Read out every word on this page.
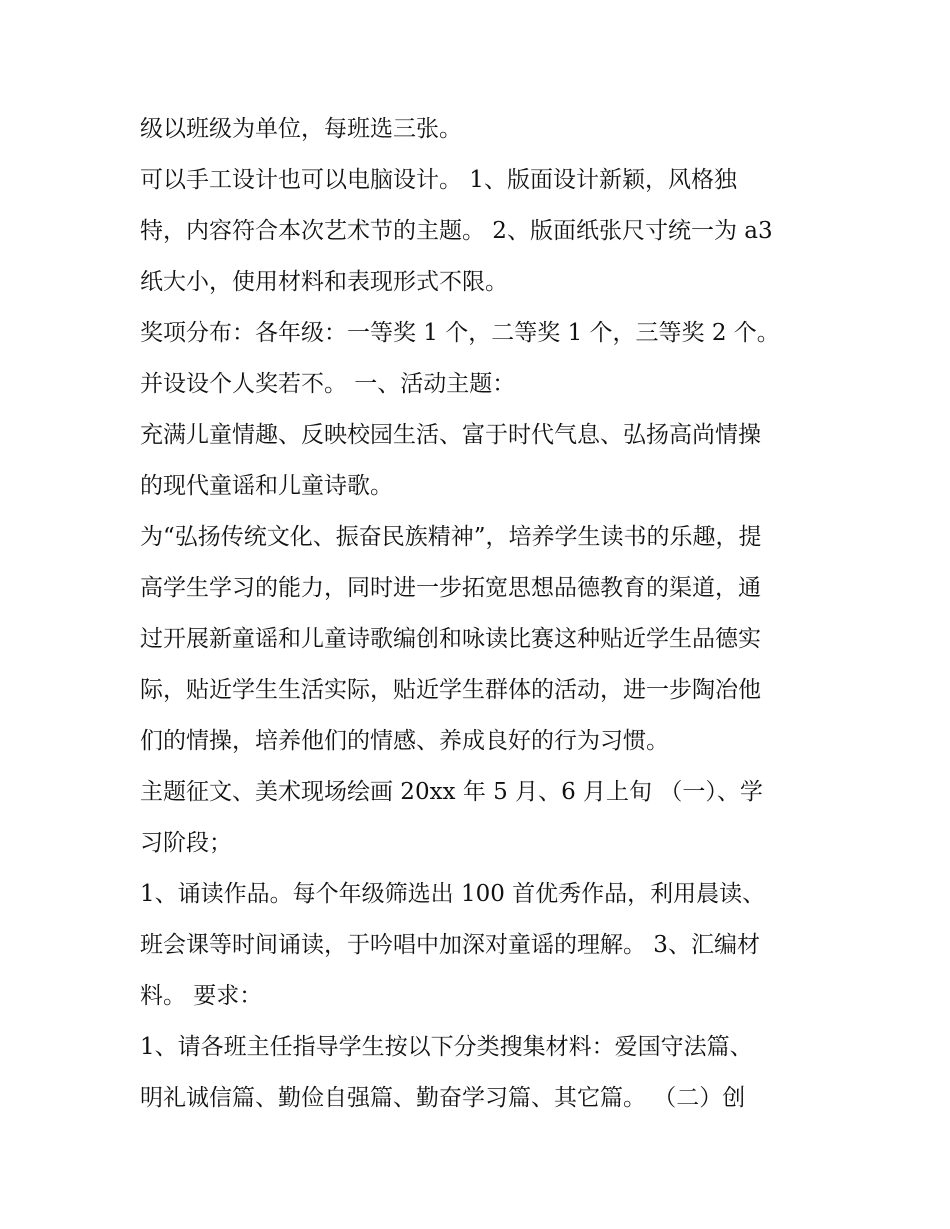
级以班级为单位，每班选三张。
可以手工设计也可以电脑设计。 1、版面设计新颖，风格独
特，内容符合本次艺术节的主题。 2、版面纸张尺寸统一为 a3
纸大小，使用材料和表现形式不限。
奖项分布：各年级：一等奖 1 个，二等奖 1 个，三等奖 2 个。
并设设个人奖若不。 一、活动主题：
充满儿童情趣、反映校园生活、富于时代气息、弘扬高尚情操
的现代童谣和儿童诗歌。
为“弘扬传统文化、振奋民族精神”，培养学生读书的乐趣，提
高学生学习的能力，同时进一步拓宽思想品德教育的渠道，通
过开展新童谣和儿童诗歌编创和咏读比赛这种贴近学生品德实
际，贴近学生生活实际，贴近学生群体的活动，进一步陶冶他
们的情操，培养他们的情感、养成良好的行为习惯。
主题征文、美术现场绘画 20xx 年 5 月、6 月上旬 （一）、学
习阶段；
1、诵读作品。每个年级筛选出 100 首优秀作品，利用晨读、
班会课等时间诵读，于吟唱中加深对童谣的理解。 3、汇编材
料。 要求：
1、请各班主任指导学生按以下分类搜集材料：爱国守法篇、
明礼诚信篇、勤俭自强篇、勤奋学习篇、其它篇。 （二）创
